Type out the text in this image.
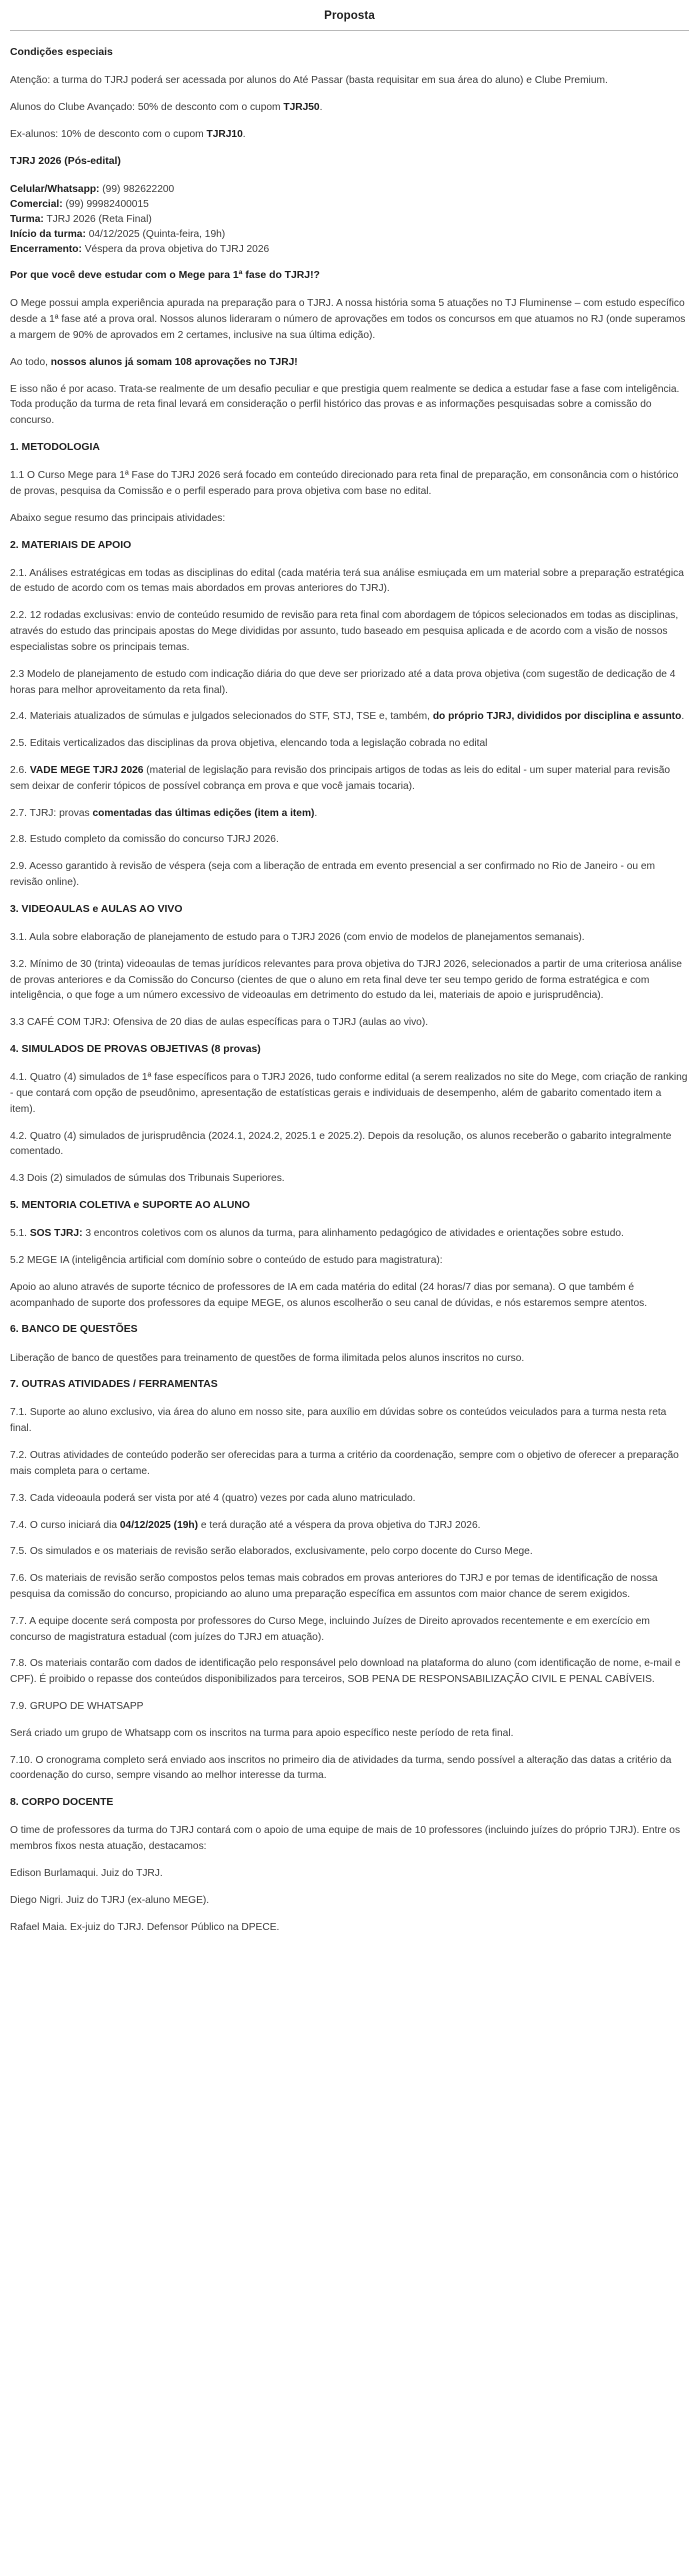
Proposta

Condições especiais

Atenção: a turma do TJRJ poderá ser acessada por alunos do Até Passar (basta requisitar em sua área do aluno) e Clube Premium.

Alunos do Clube Avançado: 50% de desconto com o cupom TJRJ50.

Ex-alunos: 10% de desconto com o cupom TJRJ10.

TJRJ 2026 (Pós-edital)

Celular/Whatsapp: (99) 982622200

Comercial: (99) 99982400015

Turma: TJRJ 2026 (Reta Final)

Início da turma: 04/12/2025 (Quinta-feira, 19h)

Encerramento: Véspera da prova objetiva do TJRJ 2026

Por que você deve estudar com o Mege para 1ª fase do TJRJ!?

O Mege possui ampla experiência apurada na preparação para o TJRJ. A nossa história soma 5 atuações no TJ Fluminense – com estudo específico desde a 1ª fase até a prova oral. Nossos alunos lideraram o número de aprovações em todos os concursos em que atuamos no RJ (onde superamos a margem de 90% de aprovados em 2 certames, inclusive na sua última edição).

Ao todo, nossos alunos já somam 108 aprovações no TJRJ!

E isso não é por acaso. Trata-se realmente de um desafio peculiar e que prestigia quem realmente se dedica a estudar fase a fase com inteligência. Toda produção da turma de reta final levará em consideração o perfil histórico das provas e as informações pesquisadas sobre a comissão do concurso.

1. METODOLOGIA

1.1 O Curso Mege para 1ª Fase do TJRJ 2026 será focado em conteúdo direcionado para reta final de preparação, em consonância com o histórico de provas, pesquisa da Comissão e o perfil esperado para prova objetiva com base no edital.

Abaixo segue resumo das principais atividades:

2. MATERIAIS DE APOIO

2.1. Análises estratégicas em todas as disciplinas do edital (cada matéria terá sua análise esmiuçada em um material sobre a preparação estratégica de estudo de acordo com os temas mais abordados em provas anteriores do TJRJ).

2.2. 12 rodadas exclusivas: envio de conteúdo resumido de revisão para reta final com abordagem de tópicos selecionados em todas as disciplinas, através do estudo das principais apostas do Mege divididas por assunto, tudo baseado em pesquisa aplicada e de acordo com a visão de nossos especialistas sobre os principais temas.

2.3 Modelo de planejamento de estudo com indicação diária do que deve ser priorizado até a data prova objetiva (com sugestão de dedicação de 4 horas para melhor aproveitamento da reta final).

2.4. Materiais atualizados de súmulas e julgados selecionados do STF, STJ, TSE e, também, do próprio TJRJ, divididos por disciplina e assunto.

2.5. Editais verticalizados das disciplinas da prova objetiva, elencando toda a legislação cobrada no edital

2.6. VADE MEGE TJRJ 2026 (material de legislação para revisão dos principais artigos de todas as leis do edital - um super material para revisão sem deixar de conferir tópicos de possível cobrança em prova e que você jamais tocaria).

2.7. TJRJ: provas comentadas das últimas edições (item a item).

2.8. Estudo completo da comissão do concurso TJRJ 2026.

2.9. Acesso garantido à revisão de véspera (seja com a liberação de entrada em evento presencial a ser confirmado no Rio de Janeiro - ou em revisão online).

3. VIDEOAULAS e AULAS AO VIVO

3.1. Aula sobre elaboração de planejamento de estudo para o TJRJ 2026 (com envio de modelos de planejamentos semanais).

3.2. Mínimo de 30 (trinta) videoaulas de temas jurídicos relevantes para prova objetiva do TJRJ 2026, selecionados a partir de uma criteriosa análise de provas anteriores e da Comissão do Concurso (cientes de que o aluno em reta final deve ter seu tempo gerido de forma estratégica e com inteligência, o que foge a um número excessivo de videoaulas em detrimento do estudo da lei, materiais de apoio e jurisprudência).

3.3 CAFÉ COM TJRJ: Ofensiva de 20 dias de aulas específicas para o TJRJ (aulas ao vivo).

4. SIMULADOS DE PROVAS OBJETIVAS (8 provas)

4.1. Quatro (4) simulados de 1ª fase específicos para o TJRJ 2026, tudo conforme edital (a serem realizados no site do Mege, com criação de ranking - que contará com opção de pseudônimo, apresentação de estatísticas gerais e individuais de desempenho, além de gabarito comentado item a item).

4.2. Quatro (4) simulados de jurisprudência (2024.1, 2024.2, 2025.1 e 2025.2). Depois da resolução, os alunos receberão o gabarito integralmente comentado.

4.3 Dois (2) simulados de súmulas dos Tribunais Superiores.

5. MENTORIA COLETIVA e SUPORTE AO ALUNO

5.1. SOS TJRJ: 3 encontros coletivos com os alunos da turma, para alinhamento pedagógico de atividades e orientações sobre estudo.

5.2 MEGE IA (inteligência artificial com domínio sobre o conteúdo de estudo para magistratura):

Apoio ao aluno através de suporte técnico de professores de IA em cada matéria do edital (24 horas/7 dias por semana). O que também é acompanhado de suporte dos professores da equipe MEGE, os alunos escolherão o seu canal de dúvidas, e nós estaremos sempre atentos.

6. BANCO DE QUESTÕES

Liberação de banco de questões para treinamento de questões de forma ilimitada pelos alunos inscritos no curso.

7. OUTRAS ATIVIDADES / FERRAMENTAS

7.1. Suporte ao aluno exclusivo, via área do aluno em nosso site, para auxílio em dúvidas sobre os conteúdos veiculados para a turma nesta reta final.

7.2. Outras atividades de conteúdo poderão ser oferecidas para a turma a critério da coordenação, sempre com o objetivo de oferecer a preparação mais completa para o certame.

7.3. Cada videoaula poderá ser vista por até 4 (quatro) vezes por cada aluno matriculado.

7.4. O curso iniciará dia 04/12/2025 (19h) e terá duração até a véspera da prova objetiva do TJRJ 2026.

7.5. Os simulados e os materiais de revisão serão elaborados, exclusivamente, pelo corpo docente do Curso Mege.

7.6. Os materiais de revisão serão compostos pelos temas mais cobrados em provas anteriores do TJRJ e por temas de identificação de nossa pesquisa da comissão do concurso, propiciando ao aluno uma preparação específica em assuntos com maior chance de serem exigidos.

7.7. A equipe docente será composta por professores do Curso Mege, incluindo Juízes de Direito aprovados recentemente e em exercício em concurso de magistratura estadual (com juízes do TJRJ em atuação).

7.8. Os materiais contarão com dados de identificação pelo responsável pelo download na plataforma do aluno (com identificação de nome, e-mail e CPF). É proibido o repasse dos conteúdos disponibilizados para terceiros, SOB PENA DE RESPONSABILIZAÇÃO CIVIL E PENAL CABÍVEIS.

7.9. GRUPO DE WHATSAPP

Será criado um grupo de Whatsapp com os inscritos na turma para apoio específico neste período de reta final.

7.10. O cronograma completo será enviado aos inscritos no primeiro dia de atividades da turma, sendo possível a alteração das datas a critério da coordenação do curso, sempre visando ao melhor interesse da turma.

8. CORPO DOCENTE

O time de professores da turma do TJRJ contará com o apoio de uma equipe de mais de 10 professores (incluindo juízes do próprio TJRJ). Entre os membros fixos nesta atuação, destacamos:

Edison Burlamaqui. Juiz do TJRJ.

Diego Nigri. Juiz do TJRJ (ex-aluno MEGE).

Rafael Maia. Ex-juiz do TJRJ. Defensor Público na DPECE.
